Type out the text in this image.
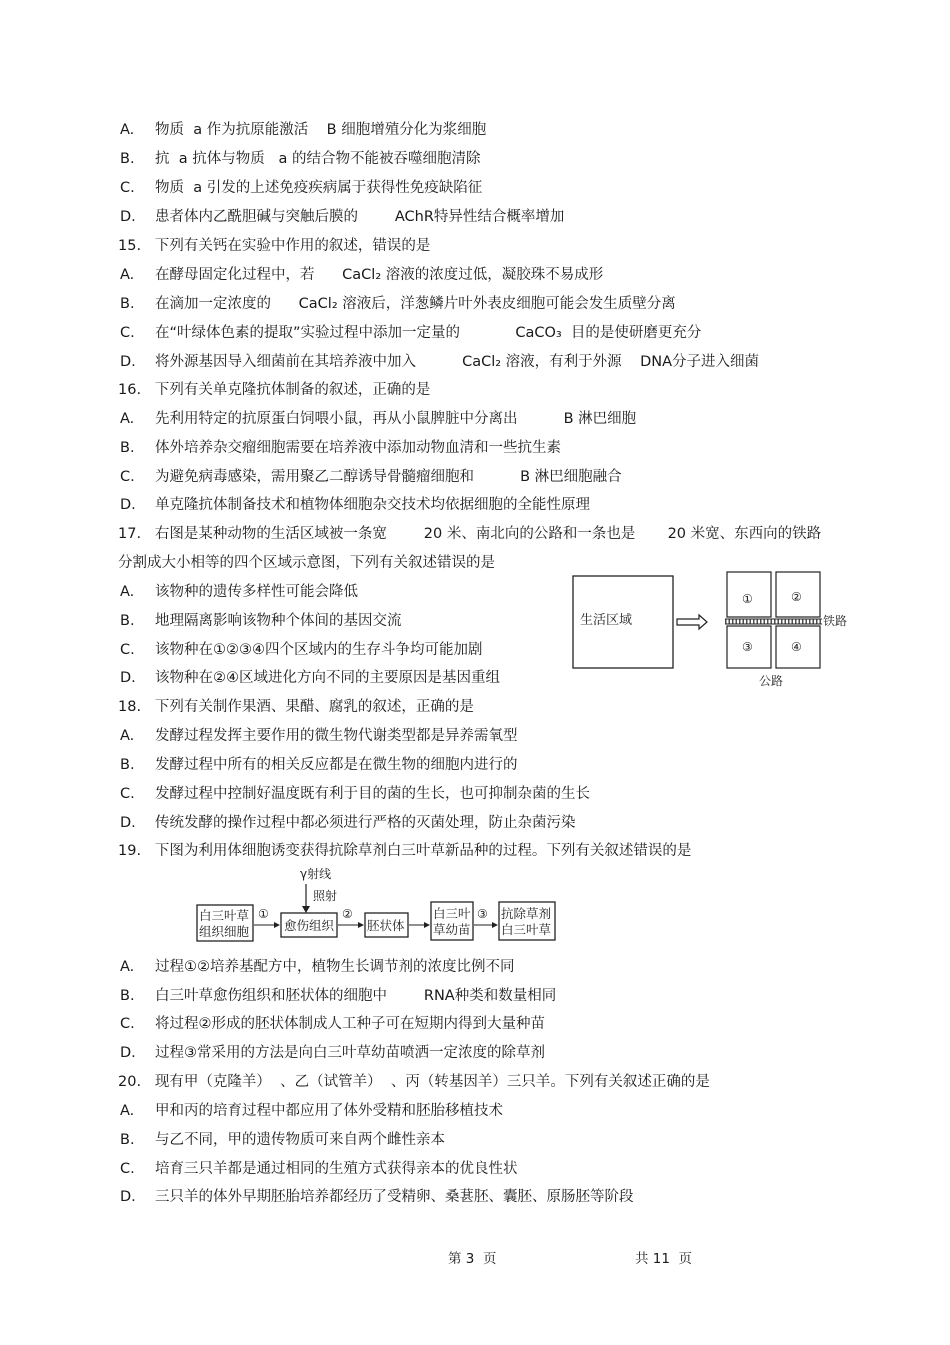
A. 物质  a 作为抗原能激活    B 细胞增殖分化为浆细胞
B. 抗  a 抗体与物质   a 的结合物不能被吞噬细胞清除
C. 物质  a 引发的上述免疫疾病属于获得性免疫缺陷征
D. 患者体内乙酰胆碱与突触后膜的        AChR特异性结合概率增加
15.   下列有关钙在实验中作用的叙述，错误的是
A. 在酵母固定化过程中，若      CaCl₂ 溶液的浓度过低，凝胶珠不易成形
B. 在滴加一定浓度的      CaCl₂ 溶液后，洋葱鳞片叶外表皮细胞可能会发生质壁分离
C. 在“叶绿体色素的提取”实验过程中添加一定量的            CaCO₃  目的是使研磨更充分
D. 将外源基因导入细菌前在其培养液中加入          CaCl₂ 溶液，有利于外源    DNA分子进入细菌
16.   下列有关单克隆抗体制备的叙述，正确的是
A. 先利用特定的抗原蛋白饲喂小鼠，再从小鼠脾脏中分离出          B 淋巴细胞
B. 体外培养杂交瘤细胞需要在培养液中添加动物血清和一些抗生素
C. 为避免病毒感染，需用聚乙二醇诱导骨髓瘤细胞和          B 淋巴细胞融合
D. 单克隆抗体制备技术和植物体细胞杂交技术均依据细胞的全能性原理
17.   右图是某种动物的生活区域被一条宽        20 米、南北向的公路和一条也是       20 米宽、东西向的铁路
分割成大小相等的四个区域示意图，下列有关叙述错误的是
A. 该物种的遗传多样性可能会降低
B. 地理隔离影响该物种个体间的基因交流
C. 该物种在①②③④四个区域内的生存斗争均可能加剧
D. 该物种在②④区域进化方向不同的主要原因是基因重组
生活区域
①	②
③	④
铁路
公路
18.   下列有关制作果酒、果醋、腐乳的叙述，正确的是
A. 发酵过程发挥主要作用的微生物代谢类型都是异养需氧型
B. 发酵过程中所有的相关反应都是在微生物的细胞内进行的
C. 发酵过程中控制好温度既有利于目的菌的生长，也可抑制杂菌的生长
D. 传统发酵的操作过程中都必须进行严格的灭菌处理，防止杂菌污染
19.   下图为利用体细胞诱变获得抗除草剂白三叶草新品种的过程。下列有关叙述错误的是
γ射线
照射
白三叶草
组织细胞
①
愈伤组织
②
胚状体
白三叶
草幼苗
③ 抗除草剂
白三叶草
A. 过程①②培养基配方中，植物生长调节剂的浓度比例不同
B. 白三叶草愈伤组织和胚状体的细胞中        RNA种类和数量相同
C. 将过程②形成的胚状体制成人工种子可在短期内得到大量种苗
D. 过程③常采用的方法是向白三叶草幼苗喷洒一定浓度的除草剂
20.   现有甲（克隆羊）  、乙（试管羊）  、丙（转基因羊）三只羊。下列有关叙述正确的是
A. 甲和丙的培育过程中都应用了体外受精和胚胎移植技术
B. 与乙不同，甲的遗传物质可来自两个雌性亲本
C. 培育三只羊都是通过相同的生殖方式获得亲本的优良性状
D. 三只羊的体外早期胚胎培养都经历了受精卵、桑葚胚、囊胚、原肠胚等阶段
第 3  页	共 11  页
